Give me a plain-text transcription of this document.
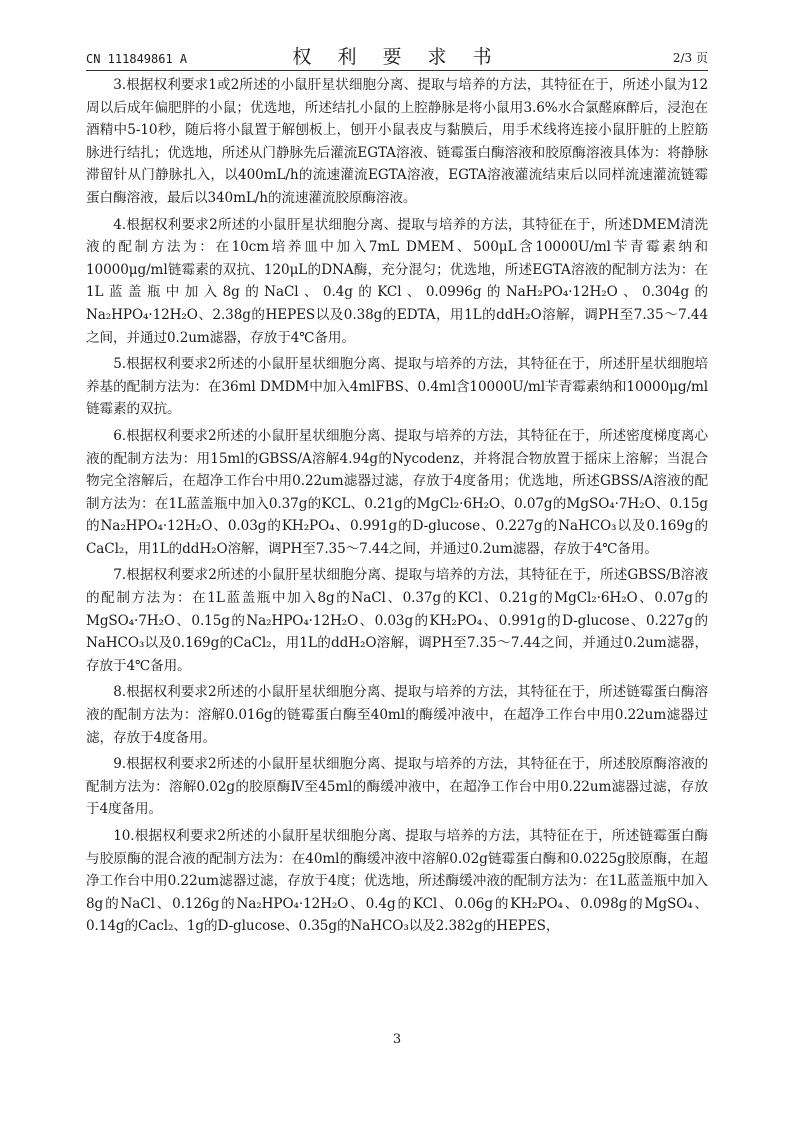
CN 111849861 A	权 利 要 求 书	2/3 页

3.根据权利要求1或2所述的小鼠肝星状细胞分离、提取与培养的方法，其特征在于，所述小鼠为12周以后成年偏肥胖的小鼠；优选地，所述结扎小鼠的上腔静脉是将小鼠用3.6%水合氯醛麻醉后，浸泡在酒精中5-10秒，随后将小鼠置于解刨板上，刨开小鼠表皮与黏膜后，用手术线将连接小鼠肝脏的上腔筋脉进行结扎；优选地，所述从门静脉先后灌流EGTA溶液、链霉蛋白酶溶液和胶原酶溶液具体为：将静脉滞留针从门静脉扎入，以400mL/h的流速灌流EGTA溶液，EGTA溶液灌流结束后以同样流速灌流链霉蛋白酶溶液，最后以340mL/h的流速灌流胶原酶溶液。

4.根据权利要求2所述的小鼠肝星状细胞分离、提取与培养的方法，其特征在于，所述DMEM清洗液的配制方法为：在10cm培养皿中加入7mL DMEM、500μL含10000U/ml苄青霉素纳和10000μg/ml链霉素的双抗、120μL的DNA酶，充分混匀；优选地，所述EGTA溶液的配制方法为：在1L蓝盖瓶中加入8g的NaCl、0.4g的KCl、0.0996g的NaH₂PO₄·12H₂O、0.304g的Na₂HPO₄·12H₂O、2.38g的HEPES以及0.38g的EDTA，用1L的ddH₂O溶解，调PH至7.35～7.44之间，并通过0.2um滤器，存放于4℃备用。

5.根据权利要求2所述的小鼠肝星状细胞分离、提取与培养的方法，其特征在于，所述肝星状细胞培养基的配制方法为：在36ml DMDM中加入4mlFBS、0.4ml含10000U/ml苄青霉素纳和10000μg/ml链霉素的双抗。

6.根据权利要求2所述的小鼠肝星状细胞分离、提取与培养的方法，其特征在于，所述密度梯度离心液的配制方法为：用15ml的GBSS/A溶解4.94g的Nycodenz，并将混合物放置于摇床上溶解；当混合物完全溶解后，在超净工作台中用0.22um滤器过滤，存放于4度备用；优选地，所述GBSS/A溶液的配制方法为：在1L蓝盖瓶中加入0.37g的KCL、0.21g的MgCl₂·6H₂O、0.07g的MgSO₄·7H₂O、0.15g的Na₂HPO₄·12H₂O、0.03g的KH₂PO₄、0.991g的D-glucose、0.227g的NaHCO₃以及0.169g的CaCl₂，用1L的ddH₂O溶解，调PH至7.35～7.44之间，并通过0.2um滤器，存放于4℃备用。

7.根据权利要求2所述的小鼠肝星状细胞分离、提取与培养的方法，其特征在于，所述GBSS/B溶液的配制方法为：在1L蓝盖瓶中加入8g的NaCl、0.37g的KCl、0.21g的MgCl₂·6H₂O、0.07g的MgSO₄·7H₂O、0.15g的Na₂HPO₄·12H₂O、0.03g的KH₂PO₄、0.991g的D-glucose、0.227g的NaHCO₃以及0.169g的CaCl₂，用1L的ddH₂O溶解，调PH至7.35～7.44之间，并通过0.2um滤器，存放于4℃备用。

8.根据权利要求2所述的小鼠肝星状细胞分离、提取与培养的方法，其特征在于，所述链霉蛋白酶溶液的配制方法为：溶解0.016g的链霉蛋白酶至40ml的酶缓冲液中，在超净工作台中用0.22um滤器过滤，存放于4度备用。

9.根据权利要求2所述的小鼠肝星状细胞分离、提取与培养的方法，其特征在于，所述胶原酶溶液的配制方法为：溶解0.02g的胶原酶Ⅳ至45ml的酶缓冲液中，在超净工作台中用0.22um滤器过滤，存放于4度备用。

10.根据权利要求2所述的小鼠肝星状细胞分离、提取与培养的方法，其特征在于，所述链霉蛋白酶与胶原酶的混合液的配制方法为：在40ml的酶缓冲液中溶解0.02g链霉蛋白酶和0.0225g胶原酶，在超净工作台中用0.22um滤器过滤，存放于4度；优选地，所述酶缓冲液的配制方法为：在1L蓝盖瓶中加入8g的NaCl、0.126g的Na₂HPO₄·12H₂O、0.4g的KCl、0.06g的KH₂PO₄、0.098g的MgSO₄、0.14g的Cacl₂、1g的D-glucose、0.35g的NaHCO₃以及2.382g的HEPES，

3
